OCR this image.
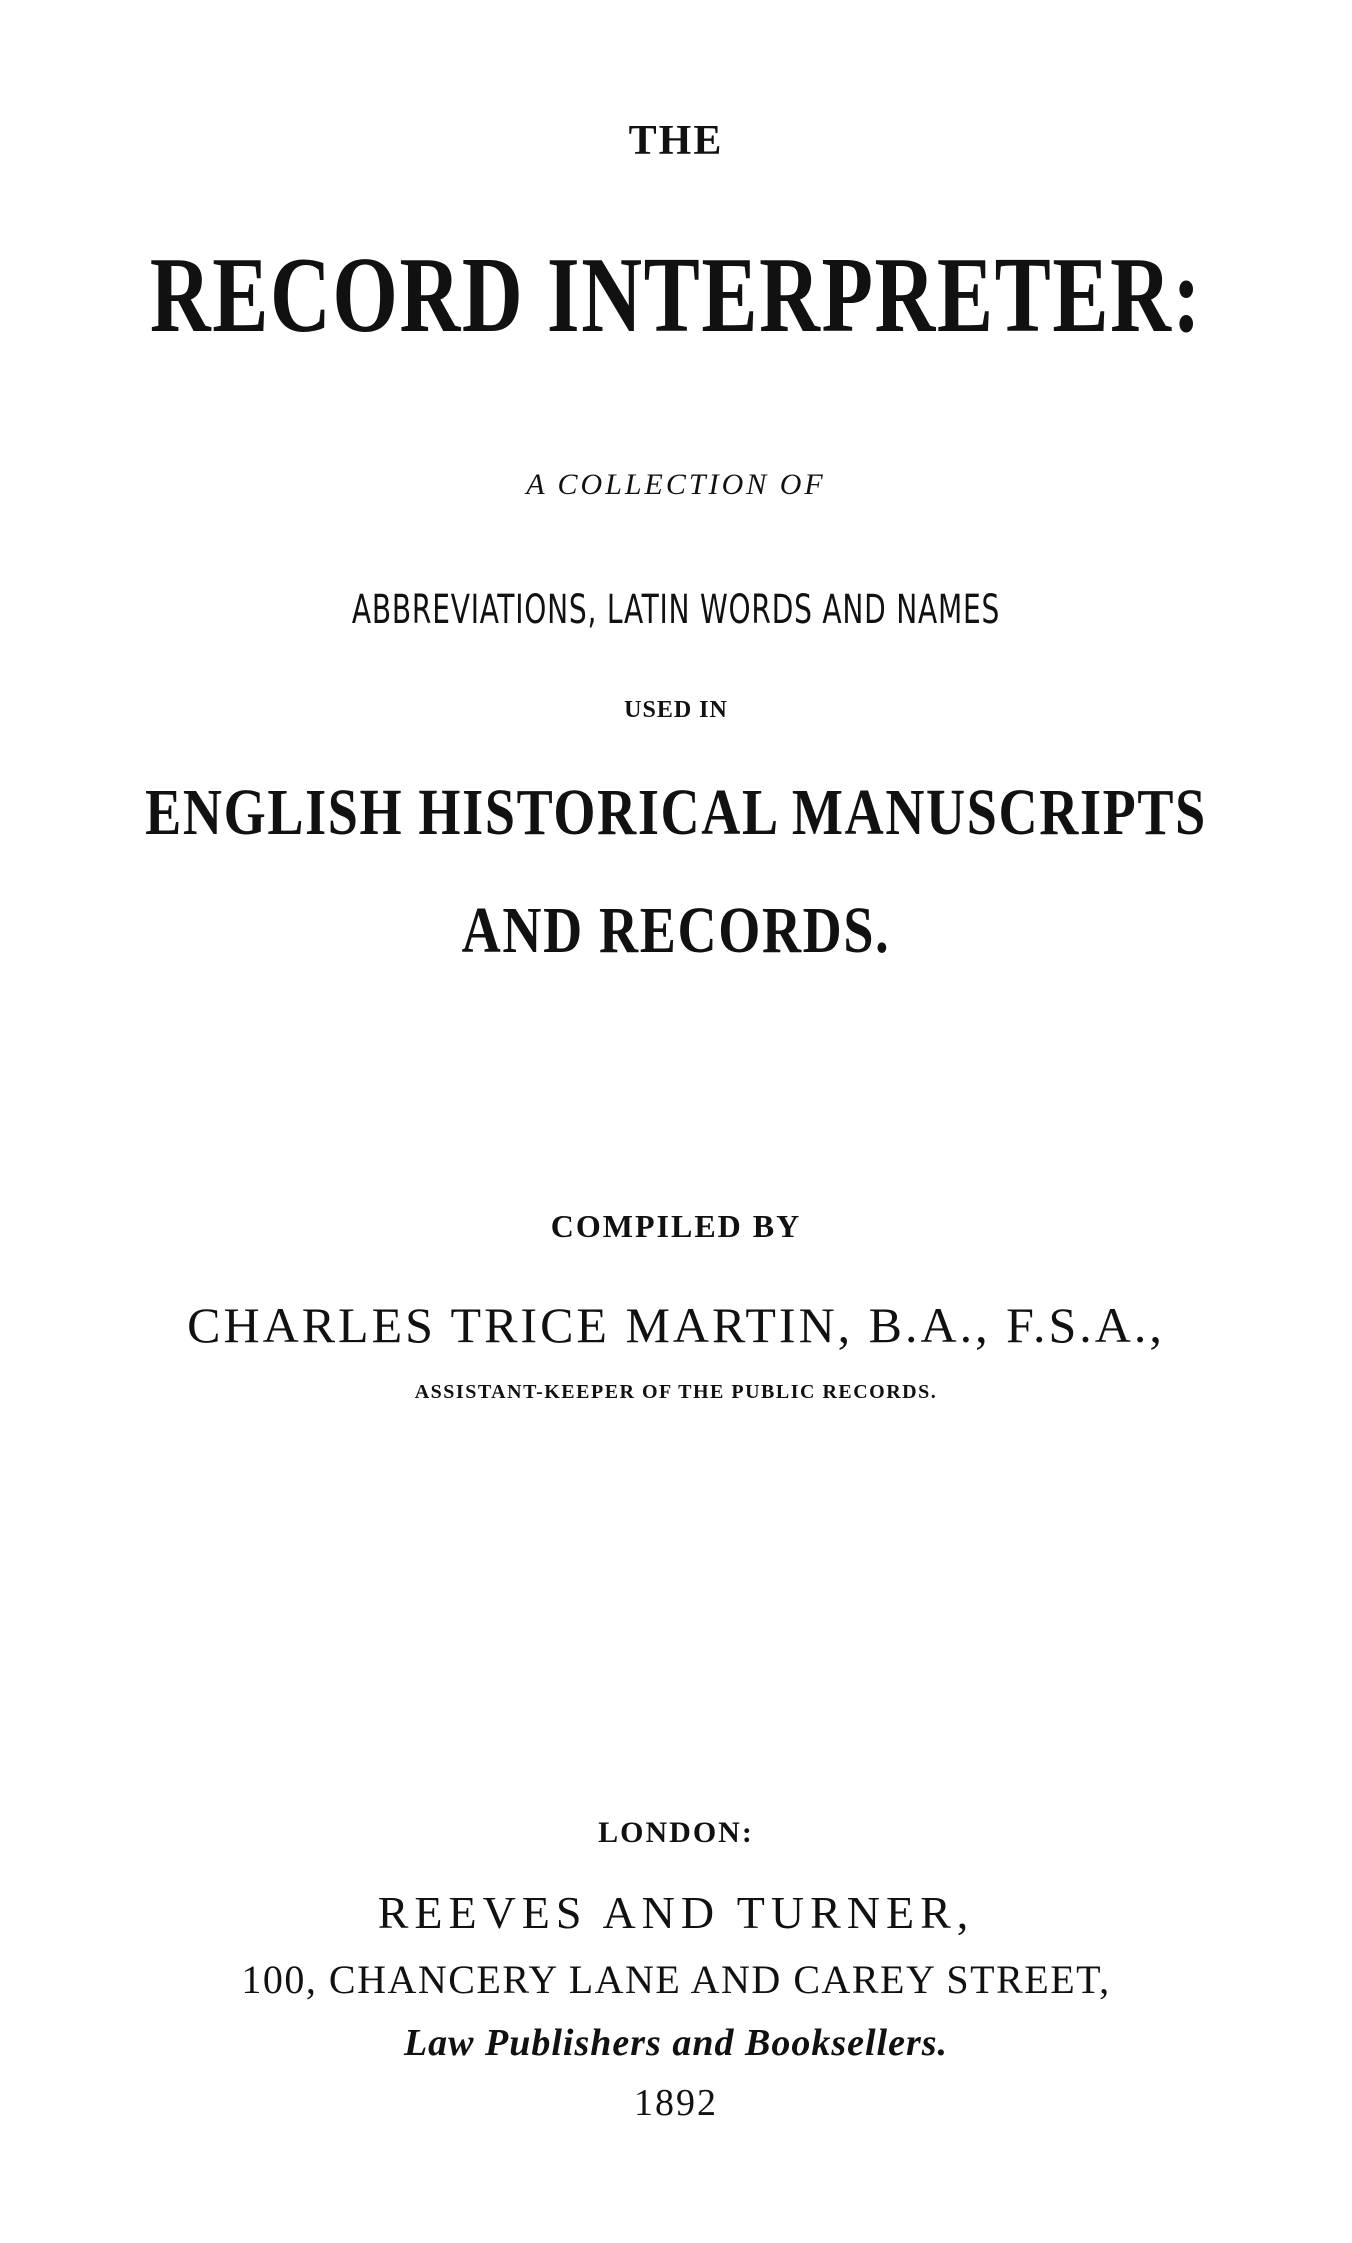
THE
RECORD INTERPRETER:
A COLLECTION OF
ABBREVIATIONS, LATIN WORDS AND NAMES
USED IN
ENGLISH HISTORICAL MANUSCRIPTS
AND RECORDS.
COMPILED BY
CHARLES TRICE MARTIN, B.A., F.S.A.,
ASSISTANT-KEEPER OF THE PUBLIC RECORDS.
LONDON:
REEVES AND TURNER,
100, CHANCERY LANE AND CAREY STREET,
Law Publishers and Booksellers.
1892
